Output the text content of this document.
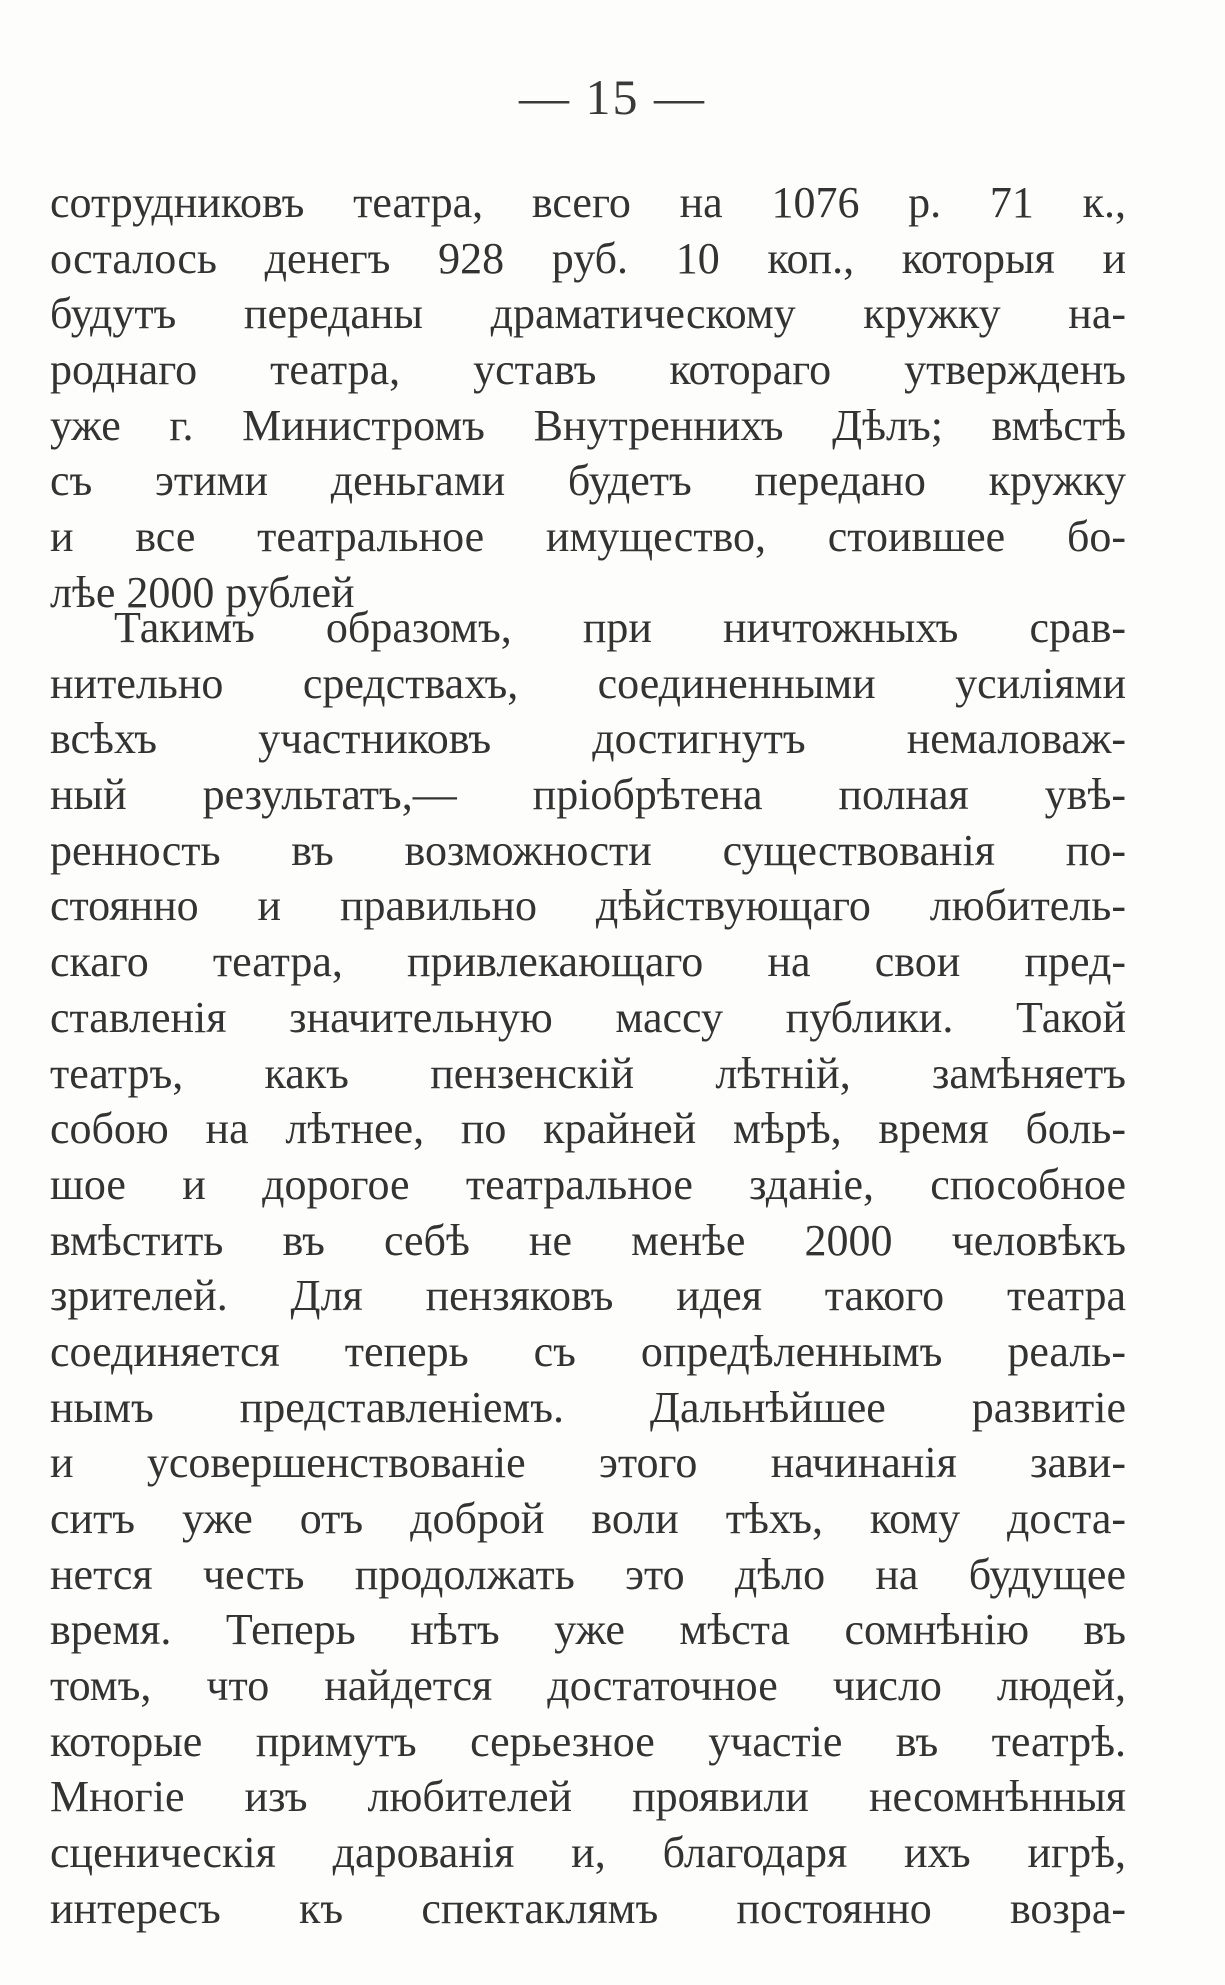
— 15 —
сотрудниковъ театра, всего на 1076 р. 71 к.,
осталось денегъ 928 руб. 10 коп., которыя и
будутъ переданы драматическому кружку на-
роднаго театра, уставъ котораго утвержденъ
уже г. Министромъ Внутреннихъ Дѣлъ; вмѣстѣ
съ этими деньгами будетъ передано кружку
и все театральное имущество, стоившее бо-
лѣе 2000 рублей
Такимъ образомъ, при ничтожныхъ срав-
нительно средствахъ, соединенными усиліями
всѣхъ участниковъ достигнутъ немаловаж-
ный результатъ,— пріобрѣтена полная увѣ-
ренность въ возможности существованія по-
стоянно и правильно дѣйствующаго любитель-
скаго театра, привлекающаго на свои пред-
ставленія значительную массу публики. Такой
театръ, какъ пензенскій лѣтній, замѣняетъ
собою на лѣтнее, по крайней мѣрѣ, время боль-
шое и дорогое театральное зданіе, способное
вмѣстить въ себѣ не менѣе 2000 человѣкъ
зрителей. Для пензяковъ идея такого театра
соединяется теперь съ опредѣленнымъ реаль-
нымъ представленіемъ. Дальнѣйшее развитіе
и усовершенствованіе этого начинанія зави-
ситъ уже отъ доброй воли тѣхъ, кому доста-
нется честь продолжать это дѣло на будущее
время. Теперь нѣтъ уже мѣста сомнѣнію въ
томъ, что найдется достаточное число людей,
которые примутъ серьезное участіе въ театрѣ.
Многіе изъ любителей проявили несомнѣнныя
сценическія дарованія и, благодаря ихъ игрѣ,
интересъ къ спектаклямъ постоянно возра-
